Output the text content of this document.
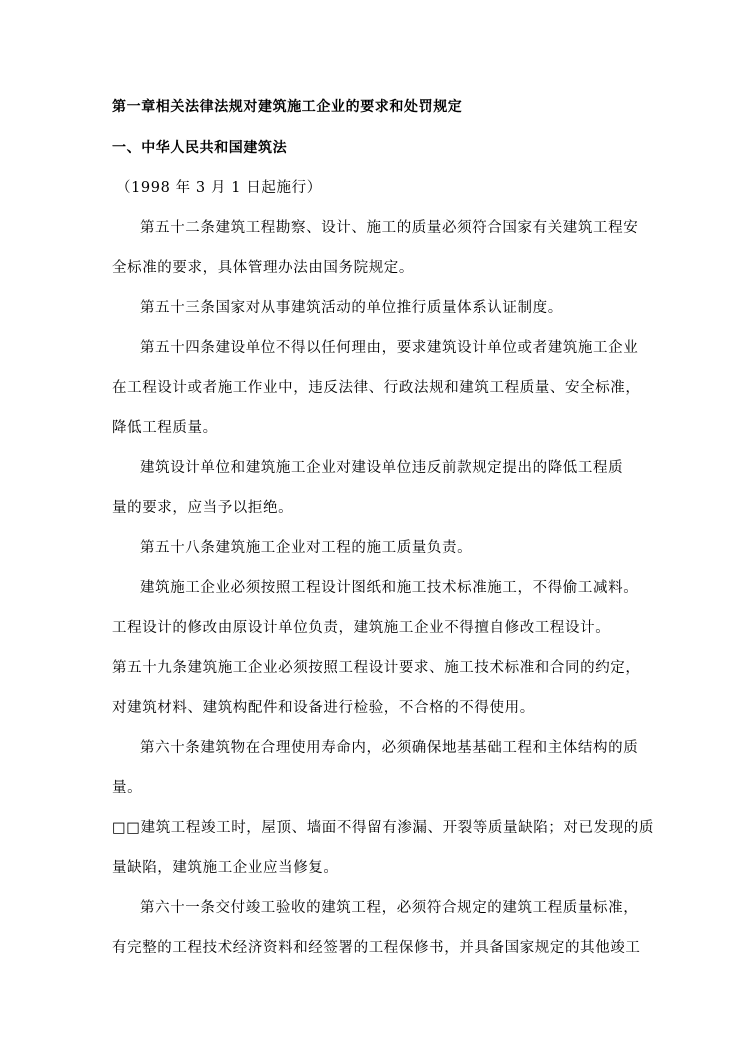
第一章相关法律法规对建筑施工企业的要求和处罚规定
一、中华人民共和国建筑法
（1998 年 3 月 1 日起施行）
第五十二条建筑工程勘察、设计、施工的质量必须符合国家有关建筑工程安
全标准的要求，具体管理办法由国务院规定。
第五十三条国家对从事建筑活动的单位推行质量体系认证制度。
第五十四条建设单位不得以任何理由，要求建筑设计单位或者建筑施工企业
在工程设计或者施工作业中，违反法律、行政法规和建筑工程质量、安全标准，
降低工程质量。
建筑设计单位和建筑施工企业对建设单位违反前款规定提出的降低工程质
量的要求，应当予以拒绝。
第五十八条建筑施工企业对工程的施工质量负责。
建筑施工企业必须按照工程设计图纸和施工技术标准施工，不得偷工减料。
工程设计的修改由原设计单位负责，建筑施工企业不得擅自修改工程设计。
第五十九条建筑施工企业必须按照工程设计要求、施工技术标准和合同的约定，
对建筑材料、建筑构配件和设备进行检验，不合格的不得使用。
第六十条建筑物在合理使用寿命内，必须确保地基基础工程和主体结构的质
量。
□□建筑工程竣工时，屋顶、墙面不得留有渗漏、开裂等质量缺陷；对已发现的质
量缺陷，建筑施工企业应当修复。
第六十一条交付竣工验收的建筑工程，必须符合规定的建筑工程质量标准，
有完整的工程技术经济资料和经签署的工程保修书，并具备国家规定的其他竣工
